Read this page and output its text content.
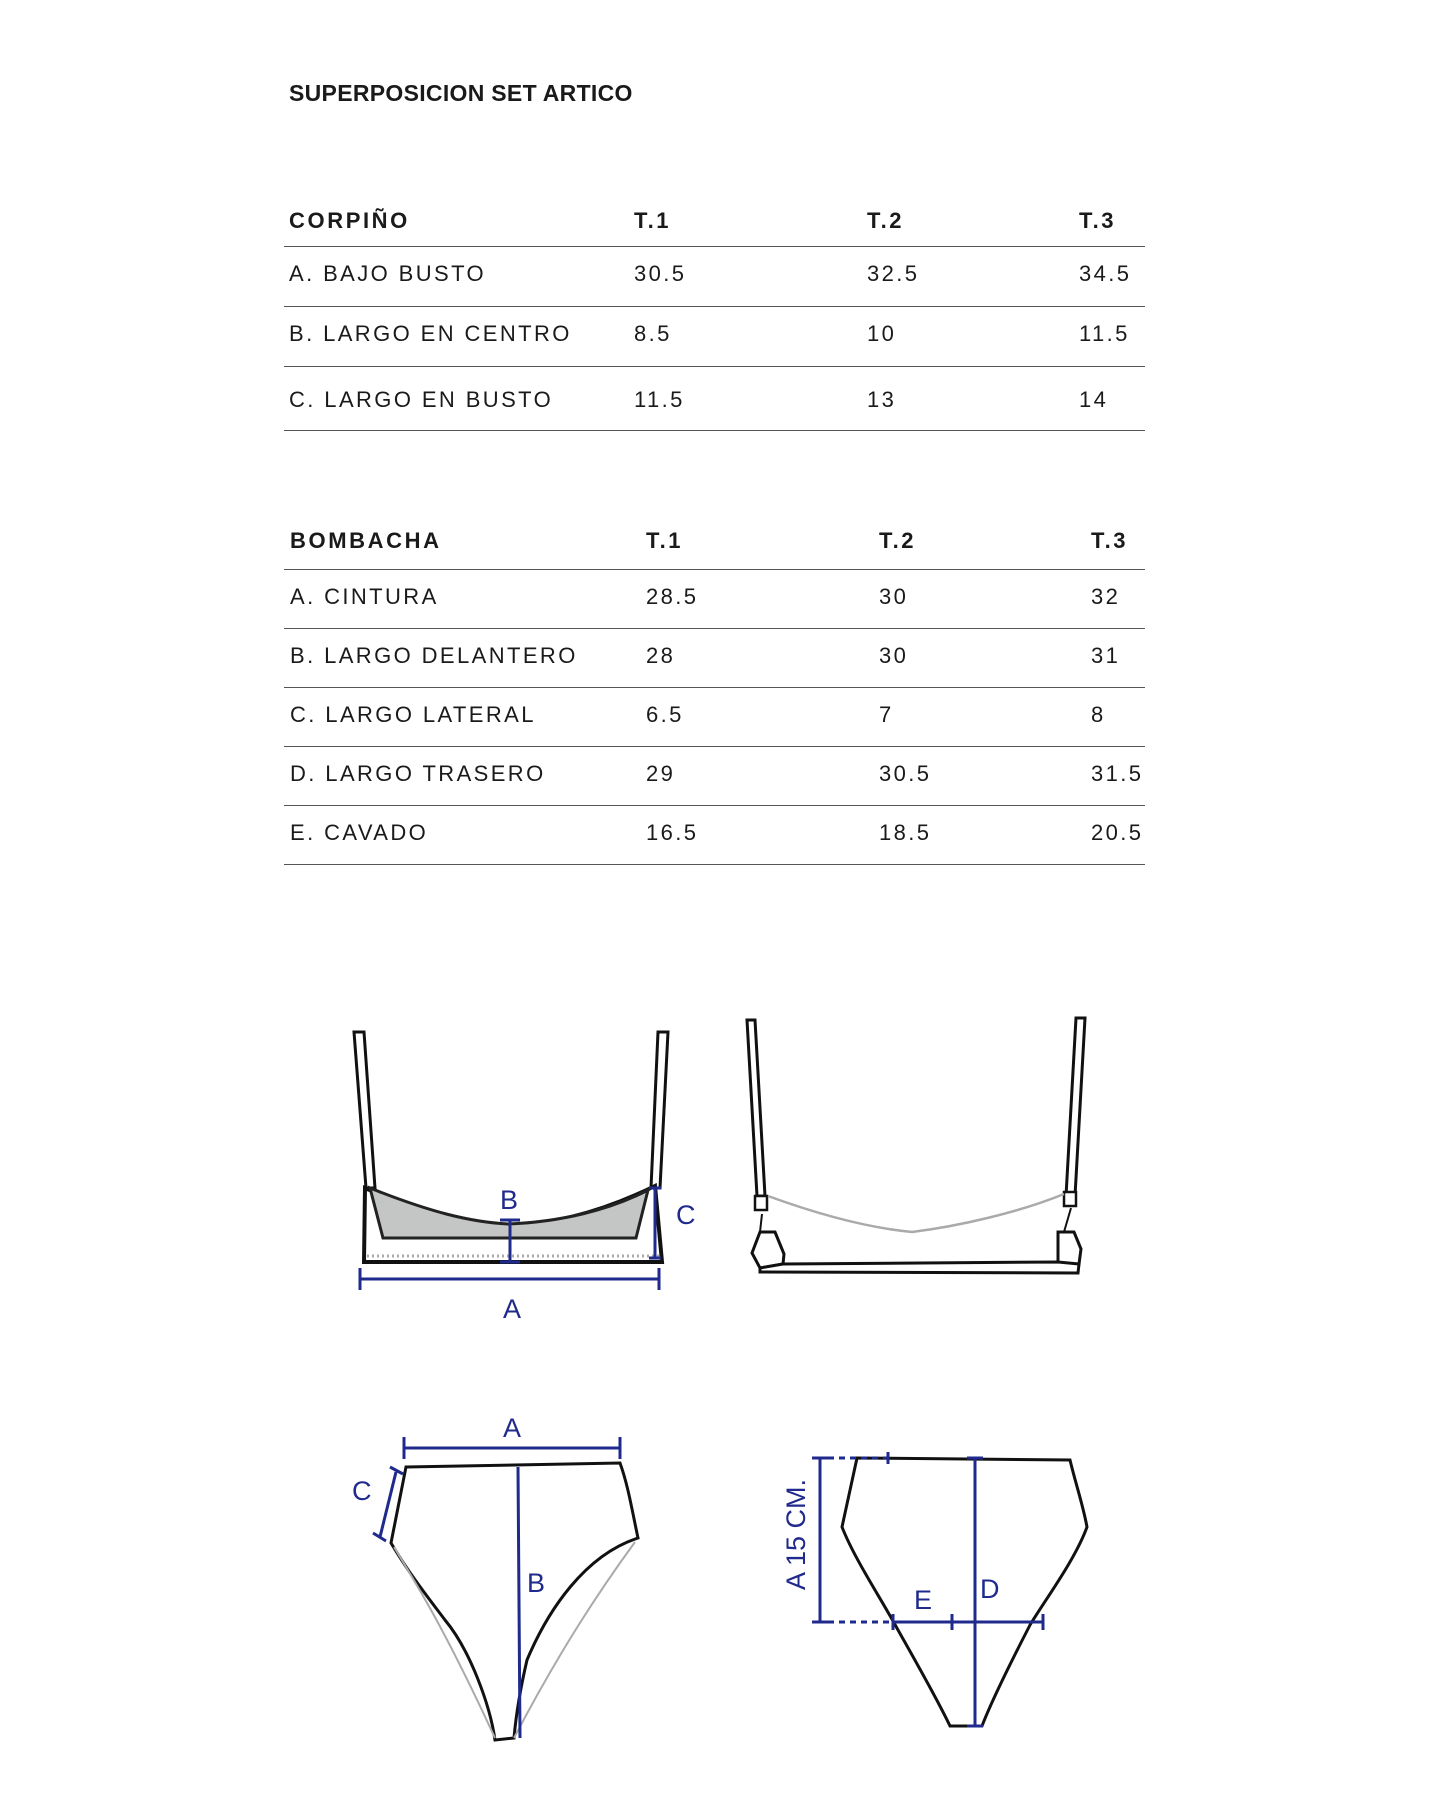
SUPERPOSICION SET ARTICO
CORPIÑO	T.1	T.2	T.3
A. BAJO BUSTO	30.5	32.5	34.5
B. LARGO EN CENTRO	8.5	10	11.5
C. LARGO EN BUSTO	11.5	13	14
BOMBACHA	T.1	T.2	T.3
A. CINTURA	28.5	30	32
B. LARGO DELANTERO	28	30	31
C. LARGO LATERAL	6.5	7	8
D. LARGO TRASERO	29	30.5	31.5
E. CAVADO	16.5	18.5	20.5
B	C
A
A
C
B	A 15 CM.
E D
